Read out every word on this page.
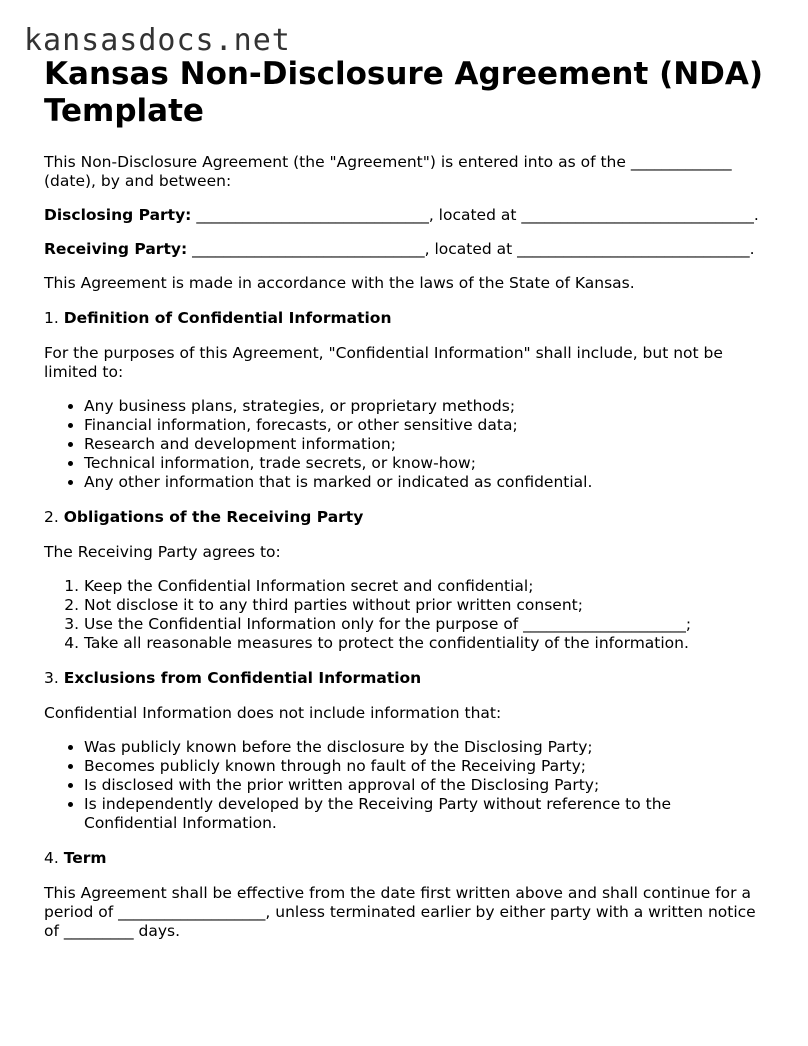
kansasdocs.net
Kansas Non-Disclosure Agreement (NDA) Template

This Non-Disclosure Agreement (the "Agreement") is entered into as of the _____________ (date), by and between:

Disclosing Party: ______________________________, located at ______________________________.

Receiving Party: ______________________________, located at ______________________________.

This Agreement is made in accordance with the laws of the State of Kansas.

1. Definition of Confidential Information

For the purposes of this Agreement, "Confidential Information" shall include, but not be limited to:

• Any business plans, strategies, or proprietary methods;
• Financial information, forecasts, or other sensitive data;
• Research and development information;
• Technical information, trade secrets, or know-how;
• Any other information that is marked or indicated as confidential.

2. Obligations of the Receiving Party

The Receiving Party agrees to:

1. Keep the Confidential Information secret and confidential;
2. Not disclose it to any third parties without prior written consent;
3. Use the Confidential Information only for the purpose of _____________________;
4. Take all reasonable measures to protect the confidentiality of the information.

3. Exclusions from Confidential Information

Confidential Information does not include information that:

• Was publicly known before the disclosure by the Disclosing Party;
• Becomes publicly known through no fault of the Receiving Party;
• Is disclosed with the prior written approval of the Disclosing Party;
• Is independently developed by the Receiving Party without reference to the Confidential Information.

4. Term

This Agreement shall be effective from the date first written above and shall continue for a period of ___________________, unless terminated earlier by either party with a written notice of _________ days.
